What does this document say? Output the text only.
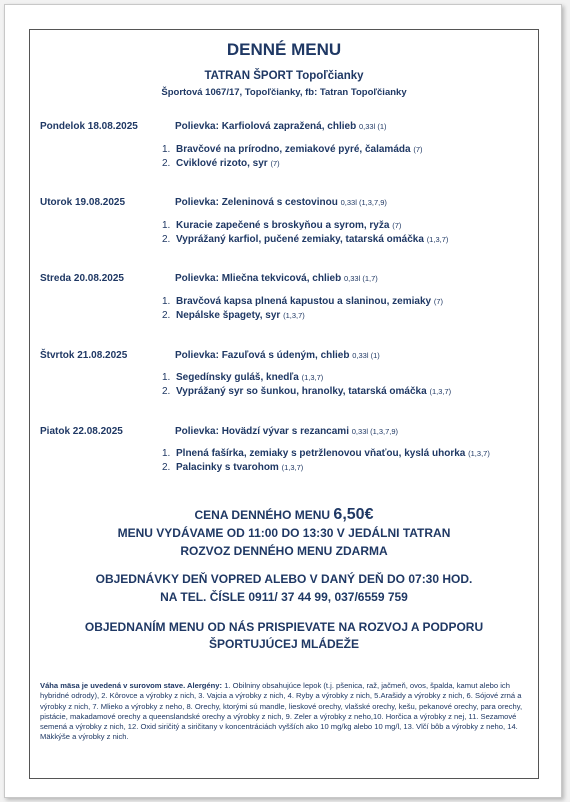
DENNÉ MENU
TATRAN ŠPORT Topoľčianky
Športová 1067/17, Topoľčianky, fb: Tatran Topoľčianky
Pondelok 18.08.2025	Polievka: Karfiolová zapražená, chlieb 0,33l (1)
1. Bravčové na prírodno, zemiakové pyré, čalamáda (7)
2. Cviklové rizoto, syr (7)
Utorok 19.08.2025	Polievka: Zeleninová s cestovinou 0,33l (1,3,7,9)
1. Kuracie zapečené s broskyňou a syrom, ryža (7)
2. Vyprážaný karfiol, pučené zemiaky, tatarská omáčka (1,3,7)
Streda 20.08.2025	Polievka: Mliečna tekvicová, chlieb 0,33l (1,7)
1. Bravčová kapsa plnená kapustou a slaninou, zemiaky (7)
2. Nepálske špagety, syr (1,3,7)
Štvrtok 21.08.2025	Polievka: Fazuľová s údeným, chlieb 0,33l (1)
1. Segedínsky guláš, knedľa (1,3,7)
2. Vyprážaný syr so šunkou, hranolky, tatarská omáčka (1,3,7)
Piatok 22.08.2025	Polievka: Hovädzí vývar s rezancami 0,33l (1,3,7,9)
1. Plnená fašírka, zemiaky s petržlenovou vňaťou, kyslá uhorka (1,3,7)
2. Palacinky s tvarohom (1,3,7)
CENA DENNÉHO MENU 6,50€
MENU VYDÁVAME OD 11:00 DO 13:30 V JEDÁLNI TATRAN
ROZVOZ DENNÉHO MENU ZDARMA
OBJEDNÁVKY DEŇ VOPRED ALEBO V DANÝ DEŇ DO 07:30 HOD.
NA TEL. ČÍSLE 0911/ 37 44 99, 037/6559 759
OBJEDNANÍM MENU OD NÁS PRISPIEVATE NA ROZVOJ A PODPORU
ŠPORTUJÚCEJ MLÁDEŽE
Váha mäsa je uvedená v surovom stave. Alergény: 1. Obilniny obsahujúce lepok (t.j. pšenica, raž, jačmeň, ovos, špalda, kamut alebo ich hybridné odrody), 2. Kôrovce a výrobky z nich, 3. Vajcia a výrobky z nich, 4. Ryby a výrobky z nich, 5.Arašidy a výrobky z nich, 6. Sójové zrná a výrobky z nich, 7. Mlieko a výrobky z neho, 8. Orechy, ktorými sú mandle, lieskové orechy, vlašské orechy, kešu, pekanové orechy, para orechy, pistácie, makadamové orechy a queenslandské orechy a výrobky z nich, 9. Zeler a výrobky z neho,10. Horčica a výrobky z nej, 11. Sezamové semená a výrobky z nich, 12. Oxid siričitý a siričitany v koncentráciách vyšších ako 10 mg/kg alebo 10 mg/l, 13. Vlčí bôb a výrobky z neho, 14. Mäkkýše a výrobky z nich.
